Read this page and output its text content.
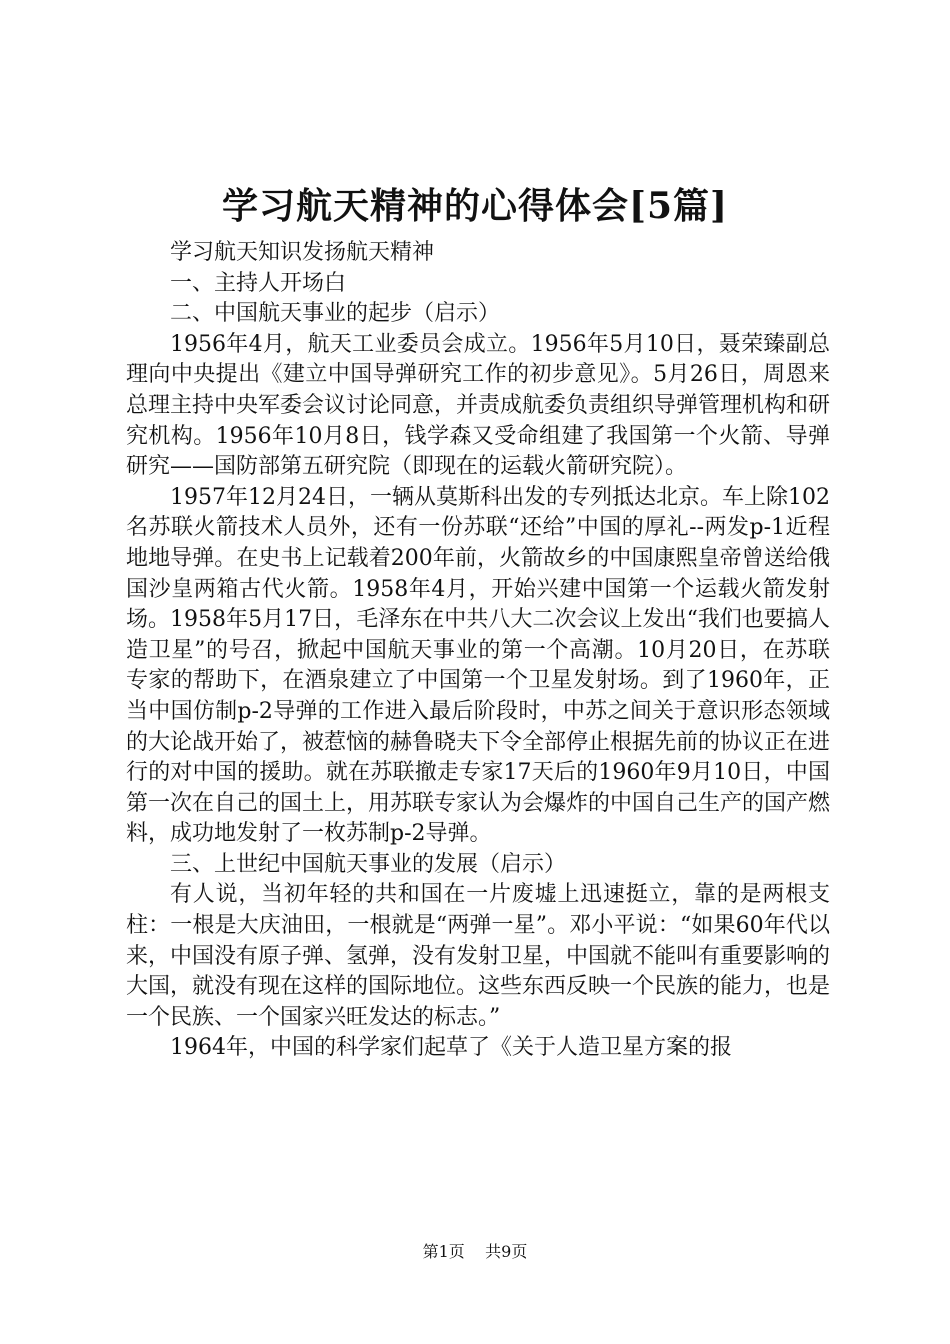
学习航天精神的心得体会[5篇]

学习航天知识发扬航天精神

一、主持人开场白

二、中国航天事业的起步（启示）

1956年4月，航天工业委员会成立。1956年5月10日，聂荣臻副总理向中央提出《建立中国导弹研究工作的初步意见》。5月26日，周恩来总理主持中央军委会议讨论同意，并责成航委负责组织导弹管理机构和研究机构。1956年10月8日，钱学森又受命组建了我国第一个火箭、导弹研究——国防部第五研究院（即现在的运载火箭研究院）。

1957年12月24日，一辆从莫斯科出发的专列抵达北京。车上除102名苏联火箭技术人员外，还有一份苏联“还给”中国的厚礼--两发p-1近程地地导弹。在史书上记载着200年前，火箭故乡的中国康熙皇帝曾送给俄国沙皇两箱古代火箭。1958年4月，开始兴建中国第一个运载火箭发射场。1958年5月17日，毛泽东在中共八大二次会议上发出“我们也要搞人造卫星”的号召，掀起中国航天事业的第一个高潮。10月20日，在苏联专家的帮助下，在酒泉建立了中国第一个卫星发射场。到了1960年，正当中国仿制p-2导弹的工作进入最后阶段时，中苏之间关于意识形态领域的大论战开始了，被惹恼的赫鲁晓夫下令全部停止根据先前的协议正在进行的对中国的援助。就在苏联撤走专家17天后的1960年9月10日，中国第一次在自己的国土上，用苏联专家认为会爆炸的中国自己生产的国产燃料，成功地发射了一枚苏制p-2导弹。

三、上世纪中国航天事业的发展（启示）

有人说，当初年轻的共和国在一片废墟上迅速挺立，靠的是两根支柱：一根是大庆油田，一根就是“两弹一星”。邓小平说：“如果60年代以来，中国没有原子弹、氢弹，没有发射卫星，中国就不能叫有重要影响的大国，就没有现在这样的国际地位。这些东西反映一个民族的能力，也是一个民族、一个国家兴旺发达的标志。”

1964年，中国的科学家们起草了《关于人造卫星方案的报

第1页 共9页
